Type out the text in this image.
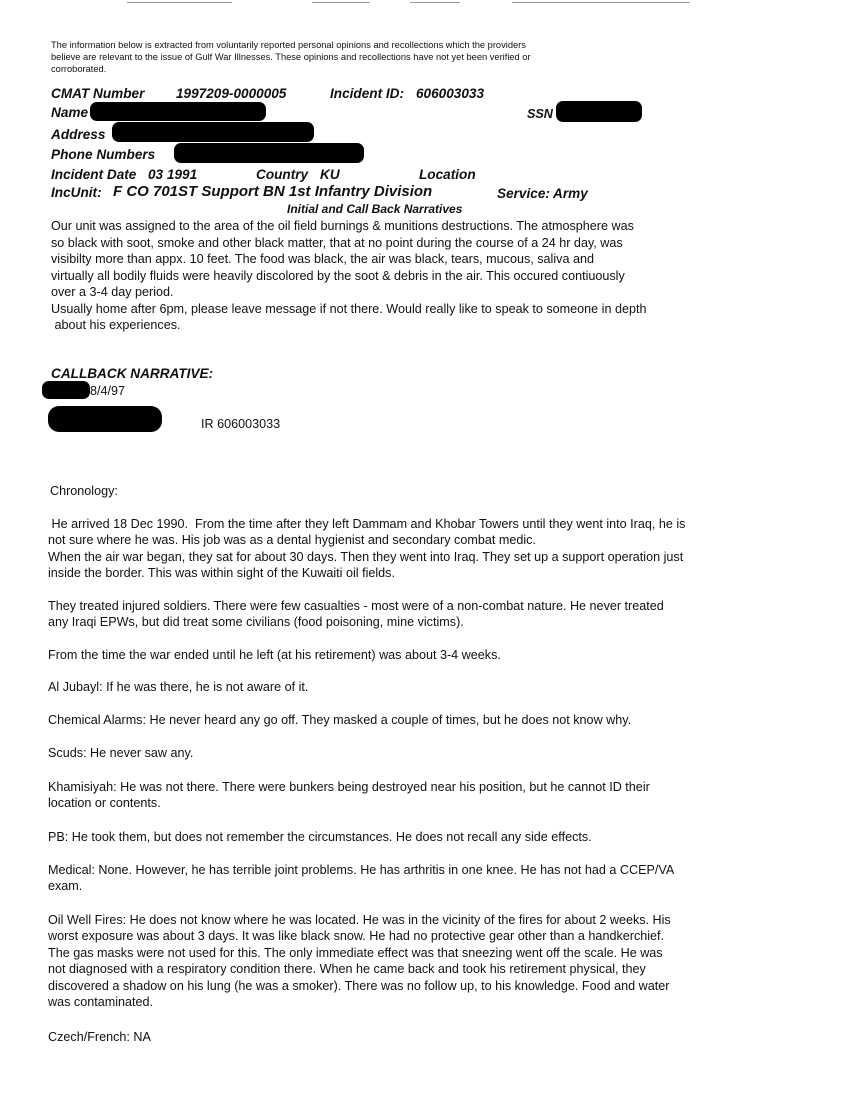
The information below is extracted from voluntarily reported personal opinions and recollections which the providers
believe are relevant to the issue of Gulf War Illnesses. These opinions and recollections have not yet been verified or
corroborated.
CMAT Number 1997209-0000005	Incident ID: 606003033
Name	SSN
Address
Phone Numbers
Incident Date 03 1991	Country KU	Location
IncUnit: F CO 701ST Support BN 1st Infantry Division	Service: Army
Initial and Call Back Narratives
Our unit was assigned to the area of the oil field burnings & munitions destructions. The atmosphere was
so black with soot, smoke and other black matter, that at no point during the course of a 24 hr day, was
visibilty more than appx. 10 feet. The food was black, the air was black, tears, mucous, saliva and
virtually all bodily fluids were heavily discolored by the soot & debris in the air. This occured contiuously
over a 3-4 day period.
Usually home after 6pm, please leave message if not there. Would really like to speak to someone in depth
about his experiences.
CALLBACK NARRATIVE:
8/4/97
IR 606003033
Chronology:

He arrived 18 Dec 1990.  From the time after they left Dammam and Khobar Towers until they went into Iraq, he is

not sure where he was. His job was as a dental hygienist and secondary combat medic.

When the air war began, they sat for about 30 days. Then they went into Iraq. They set up a support operation just

inside the border. This was within sight of the Kuwaiti oil fields.

They treated injured soldiers. There were few casualties - most were of a non-combat nature. He never treated

any Iraqi EPWs, but did treat some civilians (food poisoning, mine victims).

From the time the war ended until he left (at his retirement) was about 3-4 weeks.

Al Jubayl: If he was there, he is not aware of it.

Chemical Alarms: He never heard any go off. They masked a couple of times, but he does not know why.

Scuds: He never saw any.

Khamisiyah: He was not there. There were bunkers being destroyed near his position, but he cannot ID their

location or contents.

PB: He took them, but does not remember the circumstances. He does not recall any side effects.

Medical: None. However, he has terrible joint problems. He has arthritis in one knee. He has not had a CCEP/VA

exam.

Oil Well Fires: He does not know where he was located. He was in the vicinity of the fires for about 2 weeks. His

worst exposure was about 3 days. It was like black snow. He had no protective gear other than a handkerchief.

The gas masks were not used for this. The only immediate effect was that sneezing went off the scale. He was

not diagnosed with a respiratory condition there. When he came back and took his retirement physical, they

discovered a shadow on his lung (he was a smoker). There was no follow up, to his knowledge. Food and water

was contaminated.

Czech/French: NA
